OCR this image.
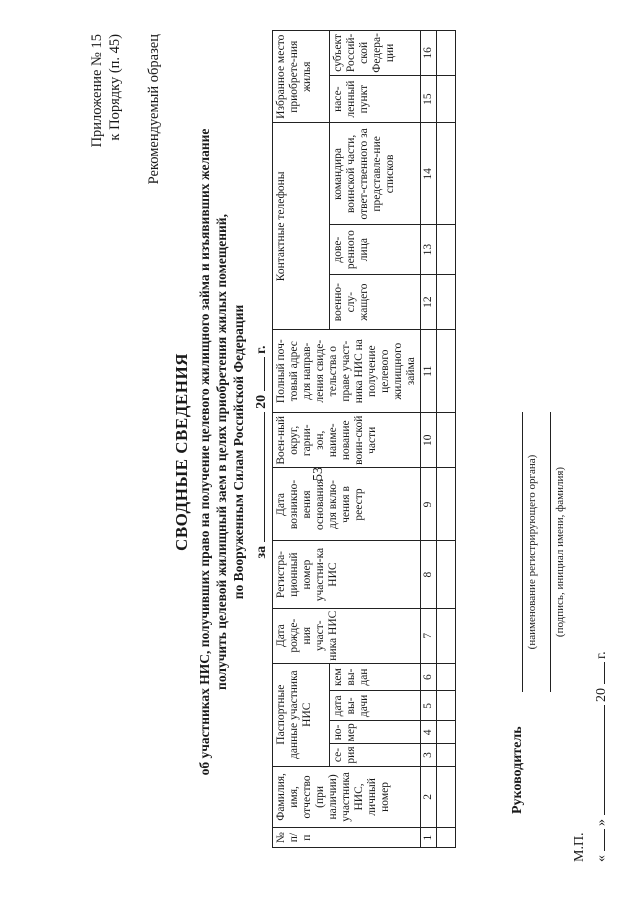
53
Приложение № 15 к Порядку (п. 45) Рекомендуемый образец
СВОДНЫЕ СВЕДЕНИЯ об участниках НИС, получивших право на получение целевого жилищного займа и изъявивших желание получить целевой жилищный заем в целях приобретения жилых помещений, по Вооруженным Силам Российской Федерации за  20  г.
№ п/п	Фамилия, имя, отчество (при наличии) участника НИС, личный номер	Паспортные данные участника НИС				Дата рожде-ния участ-ника НИС	Регистра-ционный номер участни-ка НИС	Дата возникно-вения основания для вклю-чения в реестр	Воен-ный округ, гарни-зон, наиме-нование воин-ской части	Полный поч-товый адрес для направ-ления свиде-тельства о праве участ-ника НИС на получение целевого жилищного займа	Контактные телефоны			Избранное место приобрете-ния жилья	
		се-рия	но-мер	дата вы-дачи	кем вы-дан						военно-слу-жащего	дове-ренного лица	командира воинской части, ответ-ственного за представле-ние списков	насе-ленный пункт	субъект Россий-ской Федера-ции
1	2	3	4	5	6	7	8	9	10	11	12	13	14	15	16

Руководитель
(наименование регистрирующего органа) (подпись, инициал имени, фамилия)
М.П. «  »  20  г.
